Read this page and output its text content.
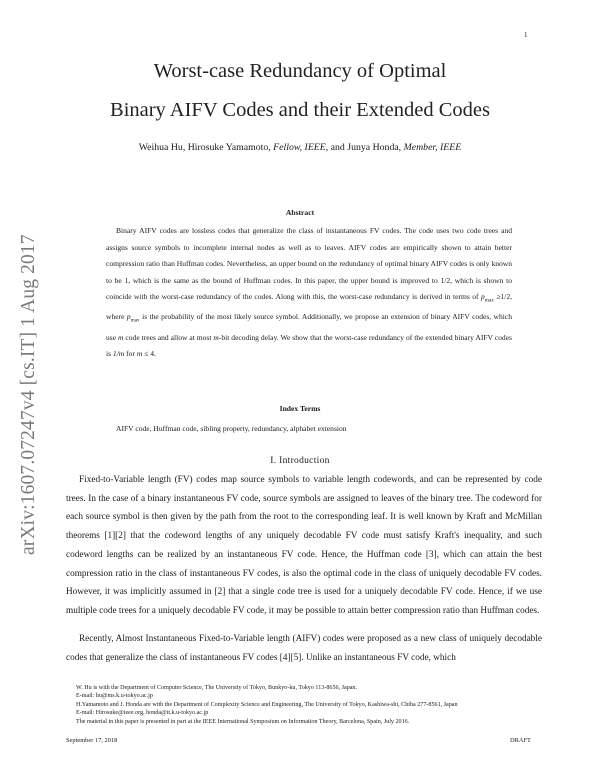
1
arXiv:1607.07247v4 [cs.IT] 1 Aug 2017
Worst-case Redundancy of Optimal
Binary AIFV Codes and their Extended Codes
Weihua Hu, Hirosuke Yamamoto, Fellow, IEEE, and Junya Honda, Member, IEEE
Abstract
Binary AIFV codes are lossless codes that generalize the class of instantaneous FV codes. The code uses two code trees and assigns source symbols to incomplete internal nodes as well as to leaves. AIFV codes are empirically shown to attain better compression ratio than Huffman codes. Nevertheless, an upper bound on the redundancy of optimal binary AIFV codes is only known to be 1, which is the same as the bound of Huffman codes. In this paper, the upper bound is improved to 1/2, which is shown to coincide with the worst-case redundancy of the codes. Along with this, the worst-case redundancy is derived in terms of $p_{max} \ge 1/2$, where $p_{max}$ is the probability of the most likely source symbol. Additionally, we propose an extension of binary AIFV codes, which use m code trees and allow at most m-bit decoding delay. We show that the worst-case redundancy of the extended binary AIFV codes is 1/m for m ≤ 4.
Index Terms
AIFV code, Huffman code, sibling property, redundancy, alphabet extension
I. Introduction
Fixed-to-Variable length (FV) codes map source symbols to variable length codewords, and can be represented by code trees. In the case of a binary instantaneous FV code, source symbols are assigned to leaves of the binary tree. The codeword for each source symbol is then given by the path from the root to the corresponding leaf. It is well known by Kraft and McMillan theorems [1][2] that the codeword lengths of any uniquely decodable FV code must satisfy Kraft's inequality, and such codeword lengths can be realized by an instantaneous FV code. Hence, the Huffman code [3], which can attain the best compression ratio in the class of instantaneous FV codes, is also the optimal code in the class of uniquely decodable FV codes. However, it was implicitly assumed in [2] that a single code tree is used for a uniquely decodable FV code. Hence, if we use multiple code trees for a uniquely decodable FV code, it may be possible to attain better compression ratio than Huffman codes.
Recently, Almost Instantaneous Fixed-to-Variable length (AIFV) codes were proposed as a new class of uniquely decodable codes that generalize the class of instantaneous FV codes [4][5]. Unlike an instantaneous FV code, which
W. Hu is with the Department of Computer Science, The University of Tokyo, Bunkyo-ku, Tokyo 113-8656, Japan.
E-mail: hu@ms.k.u-tokyo.ac.jp
H.Yamamoto and J. Honda are with the Department of Complexity Science and Engineering, The University of Tokyo, Kashiwa-shi, Chiba 277-8561, Japan
E-mail: Hirosuke@ieee.org, honda@it.k.u-tokyo.ac.jp
The material in this paper is presented in part at the IEEE International Symposium on Information Theory, Barcelona, Spain, July 2016.
September 17, 2018	DRAFT
